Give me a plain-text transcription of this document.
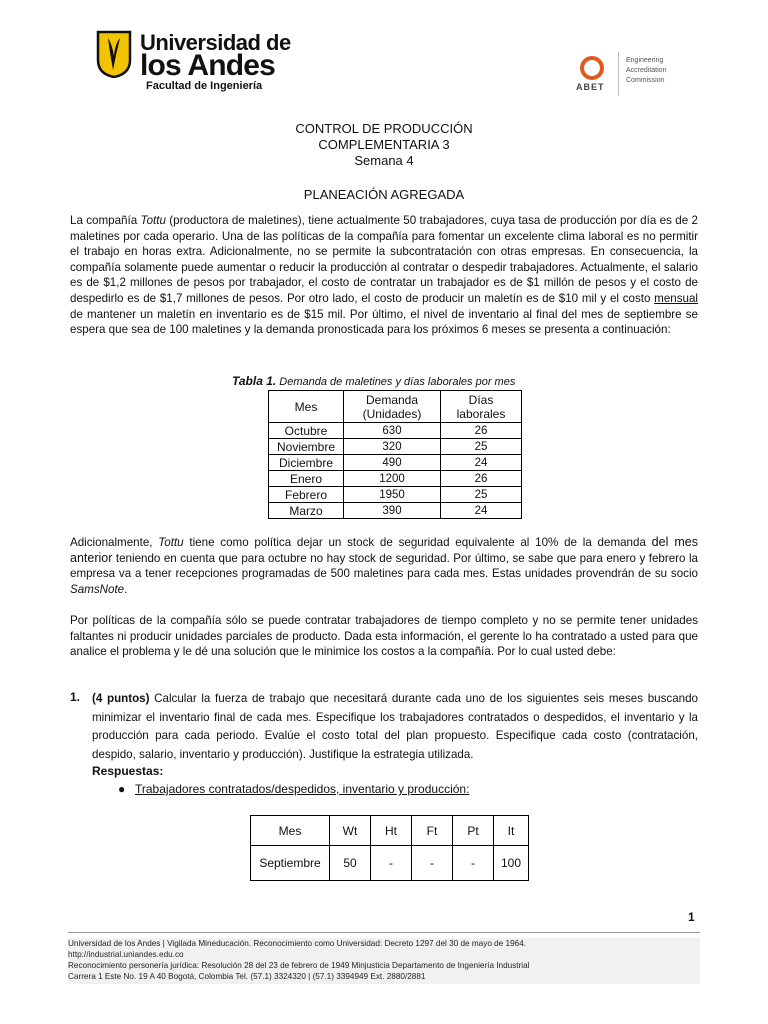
Universidad de
los Andes
Facultad de Ingeniería	ABET
Engineering
Accreditation
Commission
CONTROL DE PRODUCCIÓN
COMPLEMENTARIA 3
Semana 4
PLANEACIÓN AGREGADA
La compañía Tottu (productora de maletines), tiene actualmente 50 trabajadores, cuya tasa de producción por día es de 2 maletines por cada operario. Una de las políticas de la compañía para fomentar un excelente clima laboral es no permitir el trabajo en horas extra. Adicionalmente, no se permite la subcontratación con otras empresas. En consecuencia, la compañía solamente puede aumentar o reducir la producción al contratar o despedir trabajadores. Actualmente, el salario es de $1,2 millones de pesos por trabajador, el costo de contratar un trabajador es de $1 millón de pesos y el costo de despedirlo es de $1,7 millones de pesos. Por otro lado, el costo de producir un maletín es de $10 mil y el costo mensual de mantener un maletín en inventario es de $15 mil. Por último, el nivel de inventario al final del mes de septiembre se espera que sea de 100 maletines y la demanda pronosticada para los próximos 6 meses se presenta a continuación:
Tabla 1. Demanda de maletines y días laborales por mes
Mes	Demanda (Unidades)	Días laborales
Octubre	630	26
Noviembre	320	25
Diciembre	490	24
Enero	1200	26
Febrero	1950	25
Marzo	390	24
Adicionalmente, Tottu tiene como política dejar un stock de seguridad equivalente al 10% de la demanda del mes anterior teniendo en cuenta que para octubre no hay stock de seguridad. Por último, se sabe que para enero y febrero la empresa va a tener recepciones programadas de 500 maletines para cada mes. Estas unidades provendrán de su socio SamsNote.
Por políticas de la compañía sólo se puede contratar trabajadores de tiempo completo y no se permite tener unidades faltantes ni producir unidades parciales de producto. Dada esta información, el gerente lo ha contratado a usted para que analice el problema y le dé una solución que le minimice los costos a la compañía. Por lo cual usted debe:
1. (4 puntos) Calcular la fuerza de trabajo que necesitará durante cada uno de los siguientes seis meses buscando minimizar el inventario final de cada mes. Especifique los trabajadores contratados o despedidos, el inventario y la producción para cada periodo. Evalúe el costo total del plan propuesto. Especifique cada costo (contratación, despido, salario, inventario y producción). Justifique la estrategia utilizada.
Respuestas:
● Trabajadores contratados/despedidos, inventario y producción:
Mes	Wt	Ht	Ft	Pt	It
Septiembre	50	-	-	-	100
1
Universidad de los Andes | Vigilada Mineducación. Reconocimiento como Universidad: Decreto 1297 del 30 de mayo de 1964.
http://industrial.uniandes.edu.co
Reconocimiento personería jurídica: Resolución 28 del 23 de febrero de 1949 Minjusticia Departamento de Ingeniería Industrial
Carrera 1 Este No. 19 A 40 Bogotá, Colombia Tel. (57.1) 3324320 | (57.1) 3394949 Ext. 2880/2881
